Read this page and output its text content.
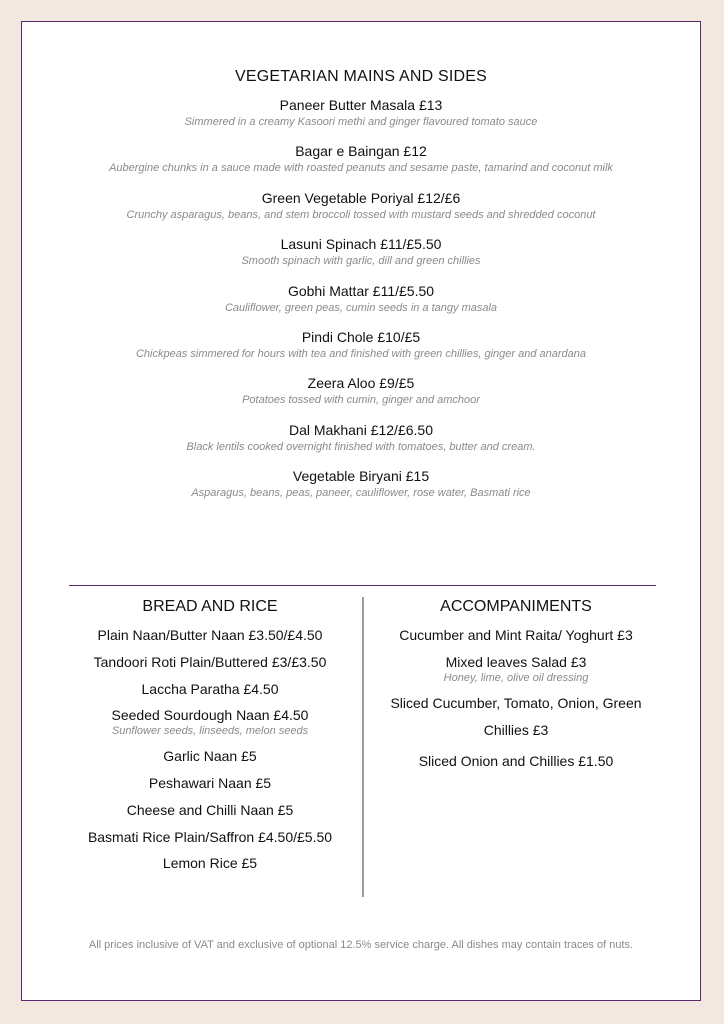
VEGETARIAN MAINS AND SIDES
Paneer Butter Masala £13
Simmered in a creamy Kasoori methi and ginger flavoured tomato sauce
Bagar e Baingan £12
Aubergine chunks in a sauce made with roasted peanuts and sesame paste, tamarind and coconut milk
Green Vegetable Poriyal £12/£6
Crunchy asparagus, beans, and stem broccoli tossed with mustard seeds and shredded coconut
Lasuni Spinach £11/£5.50
Smooth spinach with garlic, dill and green chillies
Gobhi Mattar £11/£5.50
Cauliflower, green peas, cumin seeds in a tangy masala
Pindi Chole £10/£5
Chickpeas simmered for hours with tea and finished with green chillies, ginger and anardana
Zeera Aloo £9/£5
Potatoes tossed with cumin, ginger and amchoor
Dal Makhani £12/£6.50
Black lentils cooked overnight finished with tomatoes, butter and cream.
Vegetable Biryani £15
Asparagus, beans, peas, paneer, cauliflower, rose water, Basmati rice
BREAD AND RICE
Plain Naan/Butter Naan £3.50/£4.50
Tandoori Roti Plain/Buttered £3/£3.50
Laccha Paratha £4.50
Seeded Sourdough Naan £4.50
Sunflower seeds, linseeds, melon seeds
Garlic Naan £5
Peshawari Naan £5
Cheese and Chilli Naan £5
Basmati Rice Plain/Saffron £4.50/£5.50
Lemon Rice £5
ACCOMPANIMENTS
Cucumber and Mint Raita/ Yoghurt £3
Mixed leaves Salad £3
Honey, lime, olive oil dressing
Sliced Cucumber, Tomato, Onion, Green Chillies £3
Sliced Onion and Chillies £1.50
All prices inclusive of VAT and exclusive of optional 12.5% service charge. All dishes may contain traces of nuts.
